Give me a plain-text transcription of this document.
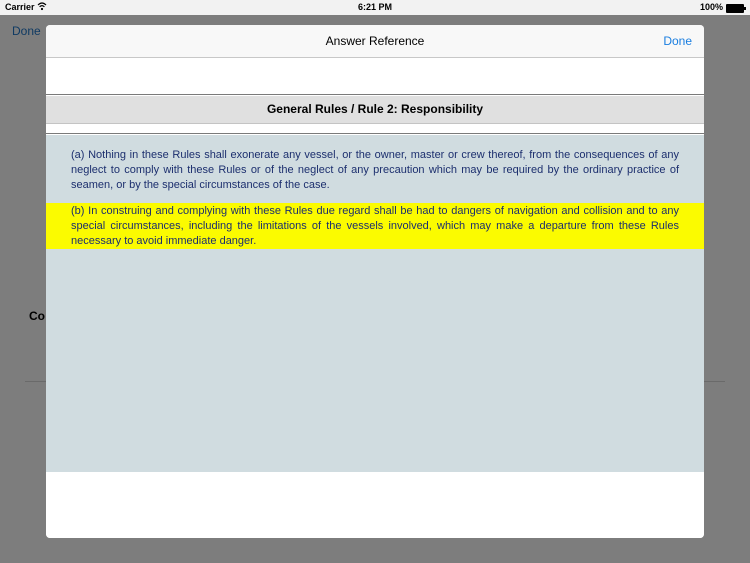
Carrier	6:21 PM	100%
Done
Co
Answer Reference	Done
General Rules / Rule 2: Responsibility
(a) Nothing in these Rules shall exonerate any vessel, or the owner, master or crew thereof, from the consequences of any neglect to comply with these Rules or of the neglect of any precaution which may be required by the ordinary practice of seamen, or by the special circumstances of the case.
(b) In construing and complying with these Rules due regard shall be had to dangers of navigation and collision and to any special circumstances, including the limitations of the vessels involved, which may make a departure from these Rules necessary to avoid immediate danger.
